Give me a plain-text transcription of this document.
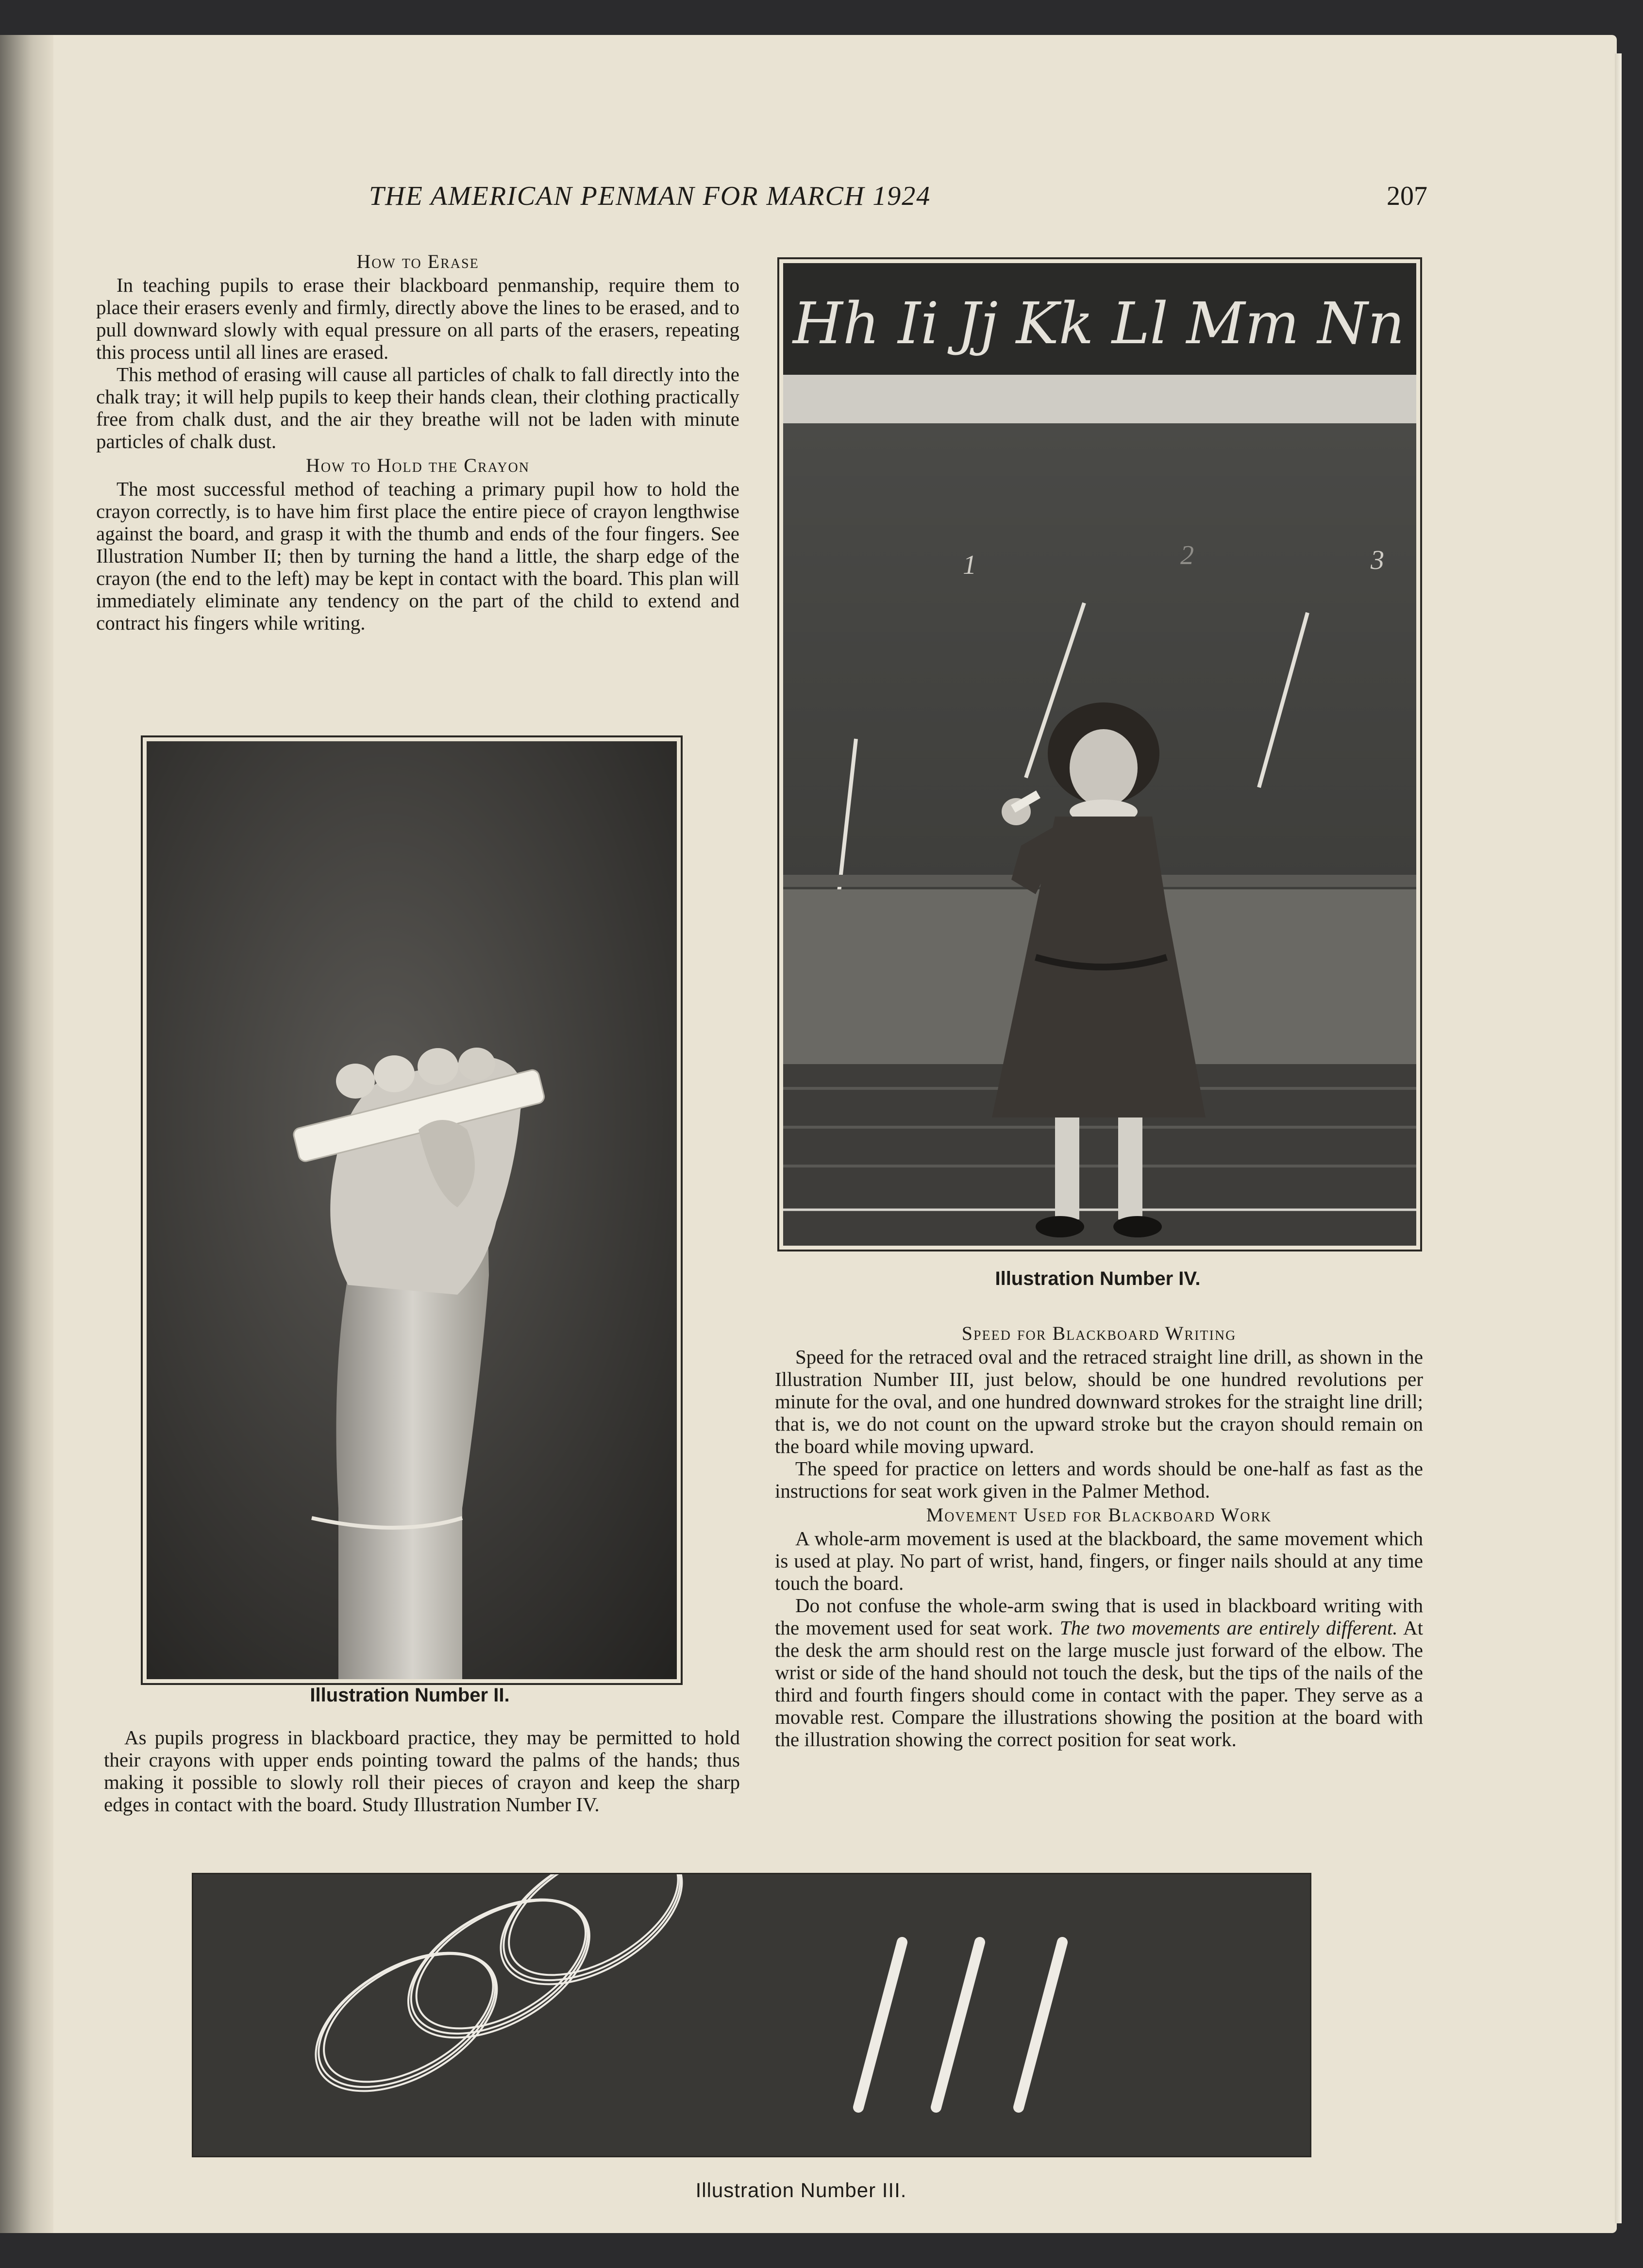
THE AMERICAN PENMAN FOR MARCH 1924	207
How to Erase

In teaching pupils to erase their blackboard penmanship, require them to place their erasers evenly and firmly, directly above the lines to be erased, and to pull downward slowly with equal pressure on all parts of the erasers, repeating this process until all lines are erased.

This method of erasing will cause all particles of chalk to fall directly into the chalk tray; it will help pupils to keep their hands clean, their clothing practically free from chalk dust, and the air they breathe will not be laden with minute particles of chalk dust.

How to Hold the Crayon

The most successful method of teaching a primary pupil how to hold the crayon correctly, is to have him first place the entire piece of crayon lengthwise against the board, and grasp it with the thumb and ends of the four fingers. See Illustration Number II; then by turning the hand a little, the sharp edge of the crayon (the end to the left) may be kept in contact with the board. This plan will immediately eliminate any tendency on the part of the child to extend and contract his fingers while writing.

Illustration Number II.

As pupils progress in blackboard practice, they may be permitted to hold their crayons with upper ends pointing toward the palms of the hands; thus making it possible to slowly roll their pieces of crayon and keep the sharp edges in contact with the board. Study Illustration Number IV.

Hh Ii Jj Kk Ll Mm Nn
1	2	3
Illustration Number IV.
Speed for Blackboard Writing

Speed for the retraced oval and the retraced straight line drill, as shown in the Illustration Number III, just below, should be one hundred revolutions per minute for the oval, and one hundred downward strokes for the straight line drill; that is, we do not count on the upward stroke but the crayon should remain on the board while moving upward.

The speed for practice on letters and words should be one-half as fast as the instructions for seat work given in the Palmer Method.

Movement Used for Blackboard Work

A whole-arm movement is used at the blackboard, the same movement which is used at play. No part of wrist, hand, fingers, or finger nails should at any time touch the board.

Do not confuse the whole-arm swing that is used in blackboard writing with the movement used for seat work. The two movements are entirely different. At the desk the arm should rest on the large muscle just forward of the elbow. The wrist or side of the hand should not touch the desk, but the tips of the nails of the third and fourth fingers should come in contact with the paper. They serve as a movable rest. Compare the illustrations showing the position at the board with the illustration showing the correct position for seat work.

Illustration Number III.
